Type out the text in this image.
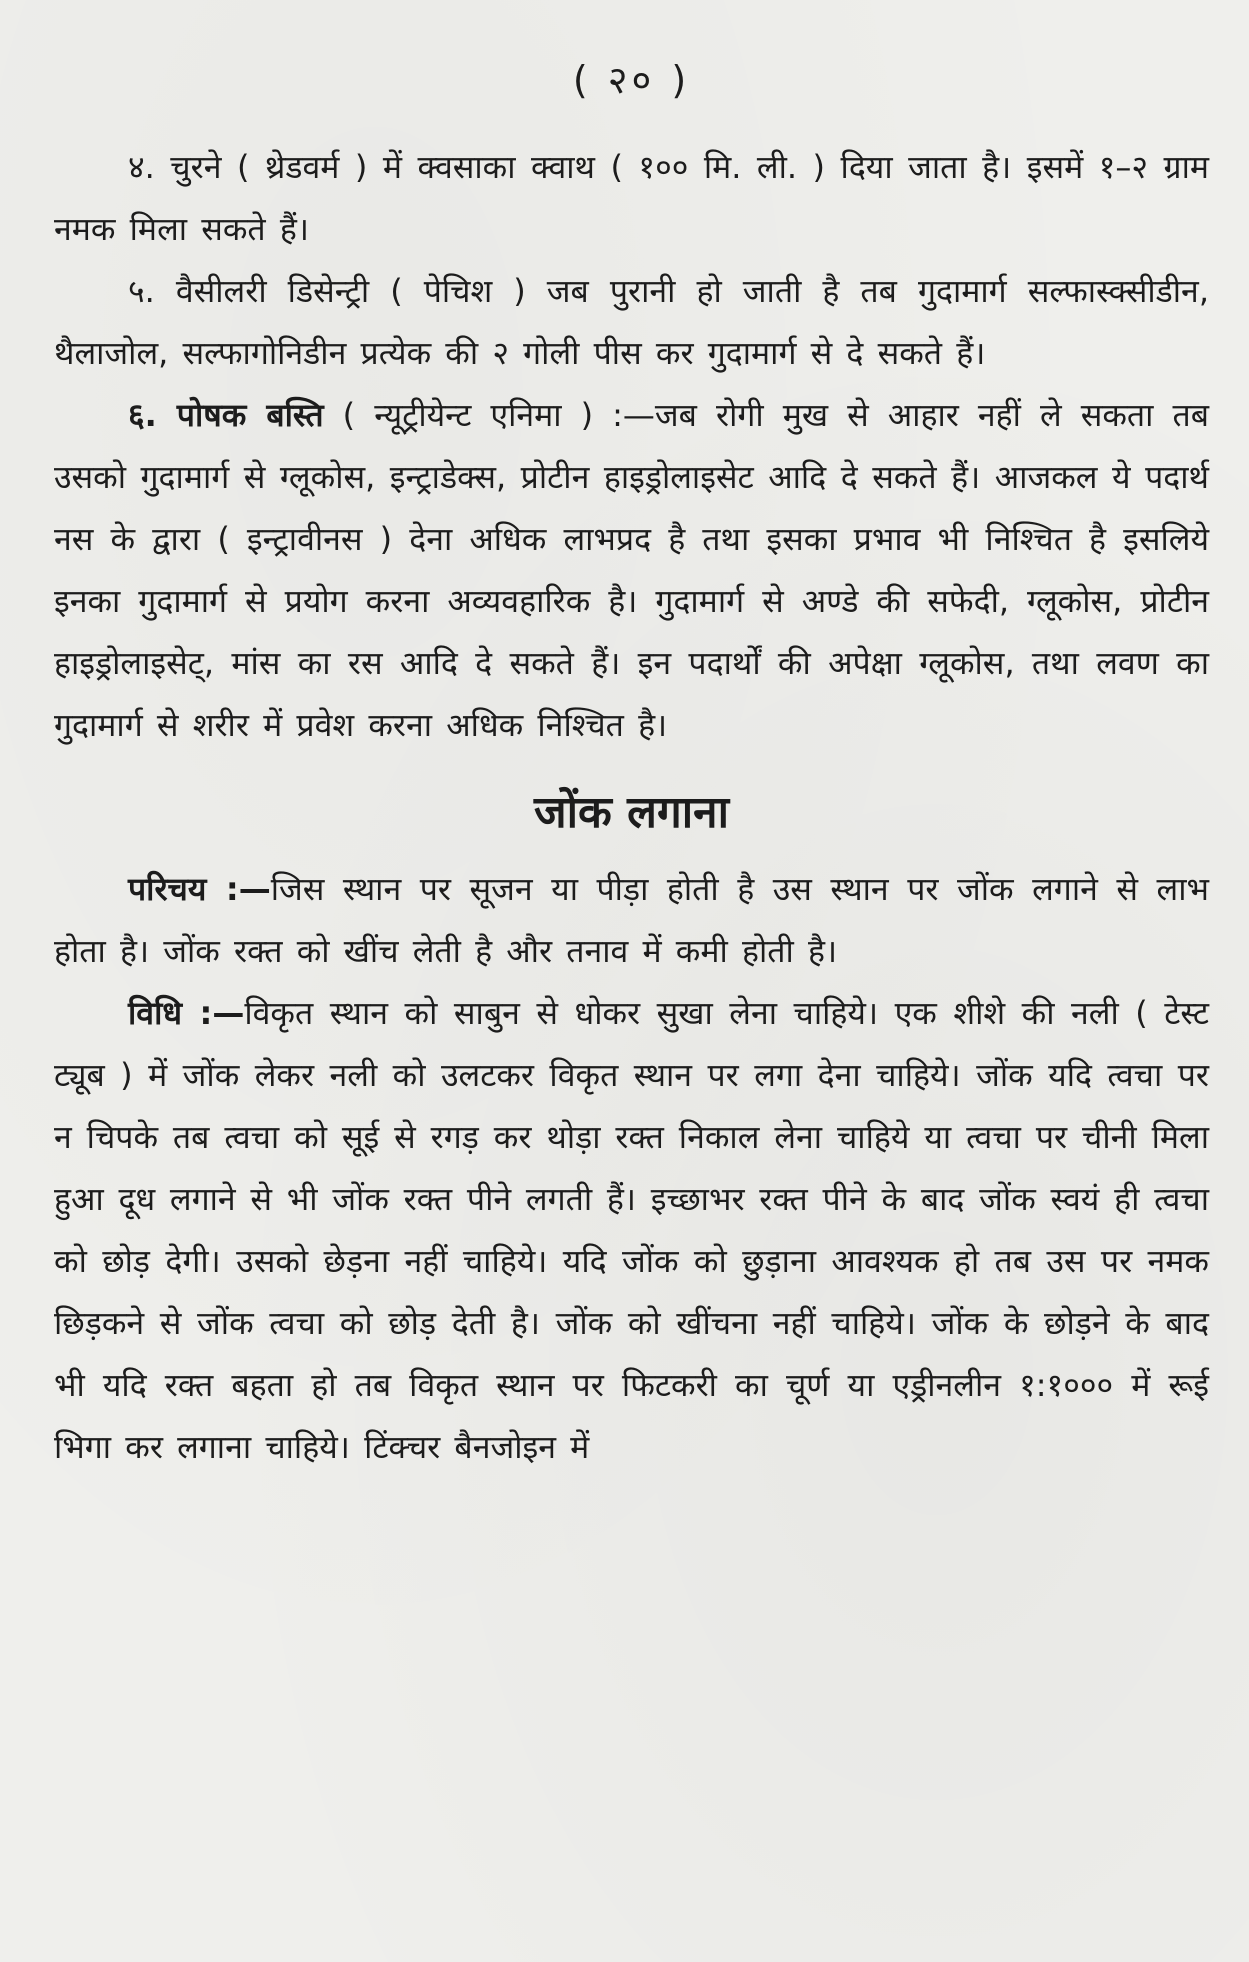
( २० )

४. चुरने ( थ्रेडवर्म ) में क्वसाका क्वाथ ( १०० मि. ली. ) दिया जाता है। इसमें १–२ ग्राम नमक मिला सकते हैं।

५. वैसीलरी डिसेन्ट्री ( पेचिश ) जब पुरानी हो जाती है तब गुदामार्ग सल्फास्क्सीडीन, थैलाजोल, सल्फागोनिडीन प्रत्येक की २ गोली पीस कर गुदामार्ग से दे सकते हैं।

६. पोषक बस्ति ( न्यूट्रीयेन्ट एनिमा ) :—जब रोगी मुख से आहार नहीं ले सकता तब उसको गुदामार्ग से ग्लूकोस, इन्ट्राडेक्स, प्रोटीन हाइड्रोलाइसेट आदि दे सकते हैं। आजकल ये पदार्थ नस के द्वारा ( इन्ट्रावीनस ) देना अधिक लाभप्रद है तथा इसका प्रभाव भी निश्चित है इसलिये इनका गुदामार्ग से प्रयोग करना अव्यवहारिक है। गुदामार्ग से अण्डे की सफेदी, ग्लूकोस, प्रोटीन हाइड्रोलाइसेट्, मांस का रस आदि दे सकते हैं। इन पदार्थों की अपेक्षा ग्लूकोस, तथा लवण का गुदामार्ग से शरीर में प्रवेश करना अधिक निश्चित है।

जोंक लगाना

परिचय :—जिस स्थान पर सूजन या पीड़ा होती है उस स्थान पर जोंक लगाने से लाभ होता है। जोंक रक्त को खींच लेती है और तनाव में कमी होती है।

विधि :—विकृत स्थान को साबुन से धोकर सुखा लेना चाहिये। एक शीशे की नली ( टेस्ट ट्यूब ) में जोंक लेकर नली को उलटकर विकृत स्थान पर लगा देना चाहिये। जोंक यदि त्वचा पर न चिपके तब त्वचा को सूई से रगड़ कर थोड़ा रक्त निकाल लेना चाहिये या त्वचा पर चीनी मिला हुआ दूध लगाने से भी जोंक रक्त पीने लगती हैं। इच्छाभर रक्त पीने के बाद जोंक स्वयं ही त्वचा को छोड़ देगी। उसको छेड़ना नहीं चाहिये। यदि जोंक को छुड़ाना आवश्यक हो तब उस पर नमक छिड़कने से जोंक त्वचा को छोड़ देती है। जोंक को खींचना नहीं चाहिये। जोंक के छोड़ने के बाद भी यदि रक्त बहता हो तब विकृत स्थान पर फिटकरी का चूर्ण या एड्रीनलीन १:१००० में रूई भिगा कर लगाना चाहिये। टिंक्चर बैनजोइन में
